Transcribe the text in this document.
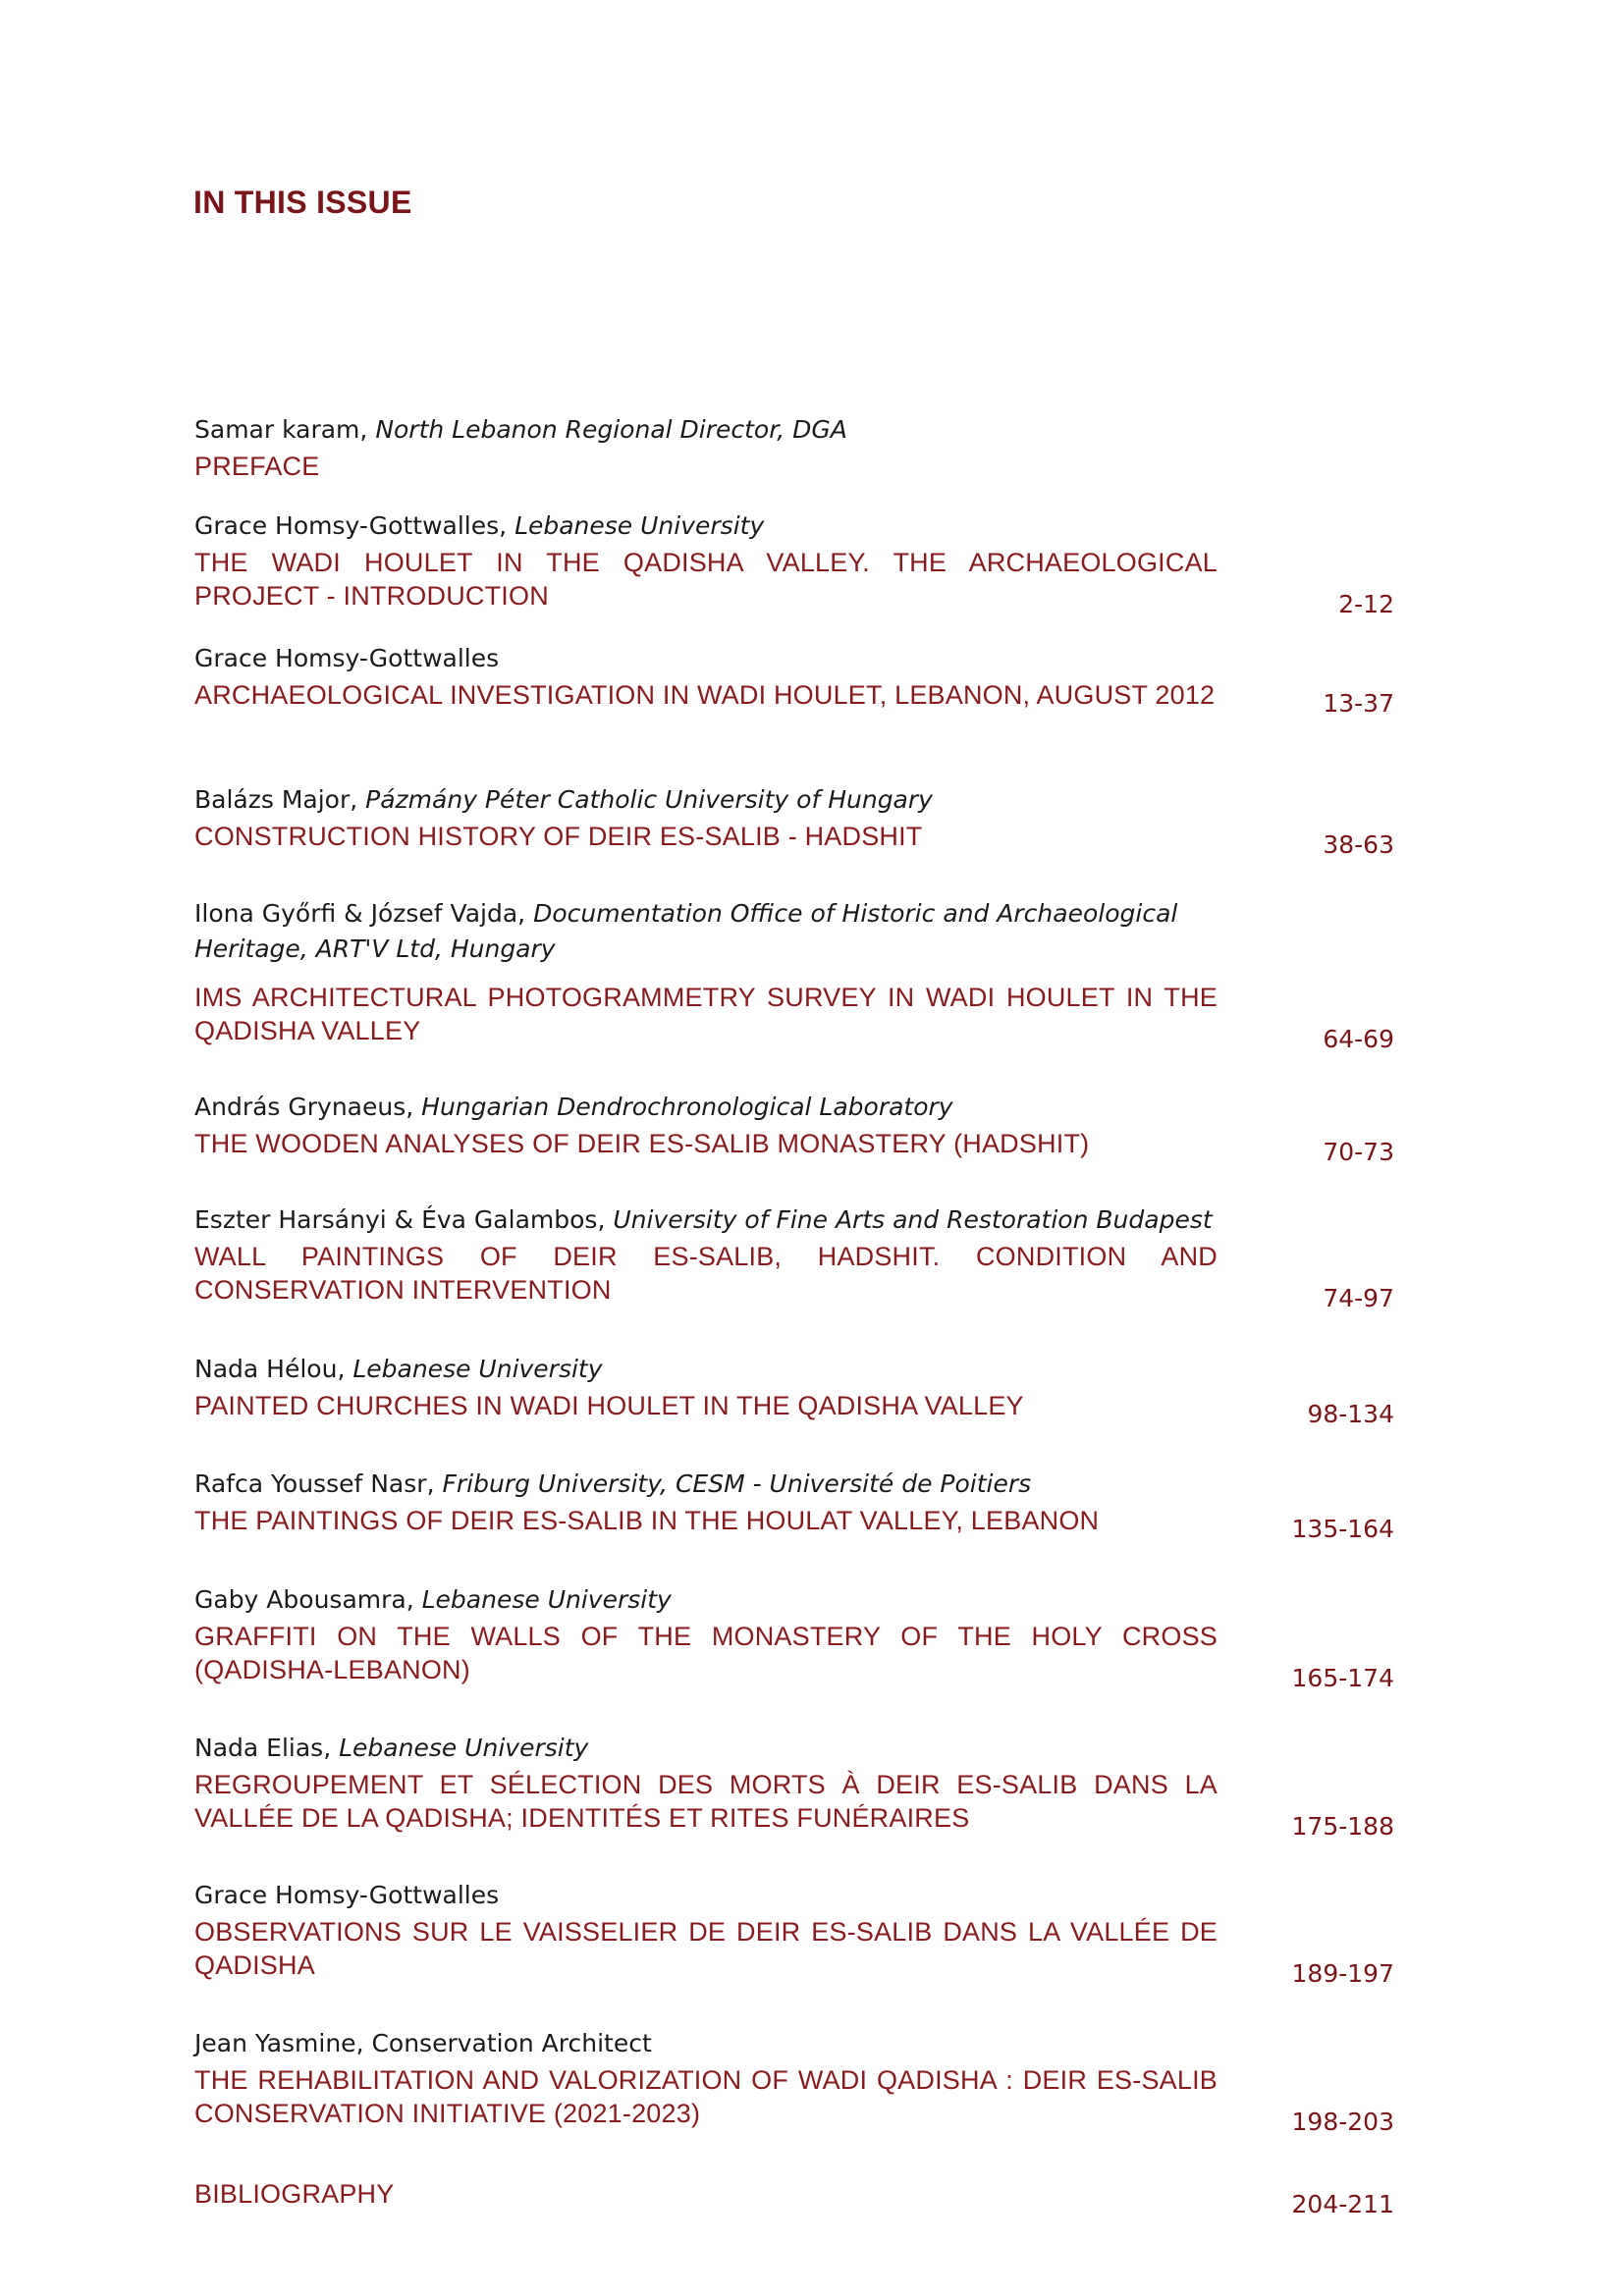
IN THIS ISSUE
Samar karam, North Lebanon Regional Director, DGA
PREFACE
Grace Homsy-Gottwalles, Lebanese University
THE WADI HOULET IN THE QADISHA VALLEY. THE ARCHAEOLOGICAL PROJECT - INTRODUCTION	2-12
Grace Homsy-Gottwalles
ARCHAEOLOGICAL INVESTIGATION IN WADI HOULET, LEBANON, AUGUST 2012	13-37
Balázs Major, Pázmány Péter Catholic University of Hungary
CONSTRUCTION HISTORY OF DEIR ES-SALIB - HADSHIT	38-63
Ilona Győrfi & József Vajda, Documentation Office of Historic and Archaeological Heritage, ART'V Ltd, Hungary
IMS ARCHITECTURAL PHOTOGRAMMETRY SURVEY IN WADI HOULET IN THE QADISHA VALLEY	64-69
András Grynaeus, Hungarian Dendrochronological Laboratory
THE WOODEN ANALYSES OF DEIR ES-SALIB MONASTERY (HADSHIT)	70-73
Eszter Harsányi & Éva Galambos, University of Fine Arts and Restoration Budapest
WALL PAINTINGS OF DEIR ES-SALIB, HADSHIT. CONDITION AND CONSERVATION INTERVENTION	74-97
Nada Hélou, Lebanese University
PAINTED CHURCHES IN WADI HOULET IN THE QADISHA VALLEY	98-134
Rafca Youssef Nasr, Friburg University, CESM - Université de Poitiers
THE PAINTINGS OF DEIR ES-SALIB IN THE HOULAT VALLEY, LEBANON	135-164
Gaby Abousamra, Lebanese University
GRAFFITI ON THE WALLS OF THE MONASTERY OF THE HOLY CROSS (QADISHA-LEBANON)	165-174
Nada Elias, Lebanese University
REGROUPEMENT ET SÉLECTION DES MORTS À DEIR ES-SALIB DANS LA VALLÉE DE LA QADISHA; IDENTITÉS ET RITES FUNÉRAIRES	175-188
Grace Homsy-Gottwalles
OBSERVATIONS SUR LE VAISSELIER DE DEIR ES-SALIB DANS LA VALLÉE DE QADISHA	189-197
Jean Yasmine, Conservation Architect
THE REHABILITATION AND VALORIZATION OF WADI QADISHA : DEIR ES-SALIB CONSERVATION INITIATIVE (2021-2023)	198-203
BIBLIOGRAPHY	204-211
